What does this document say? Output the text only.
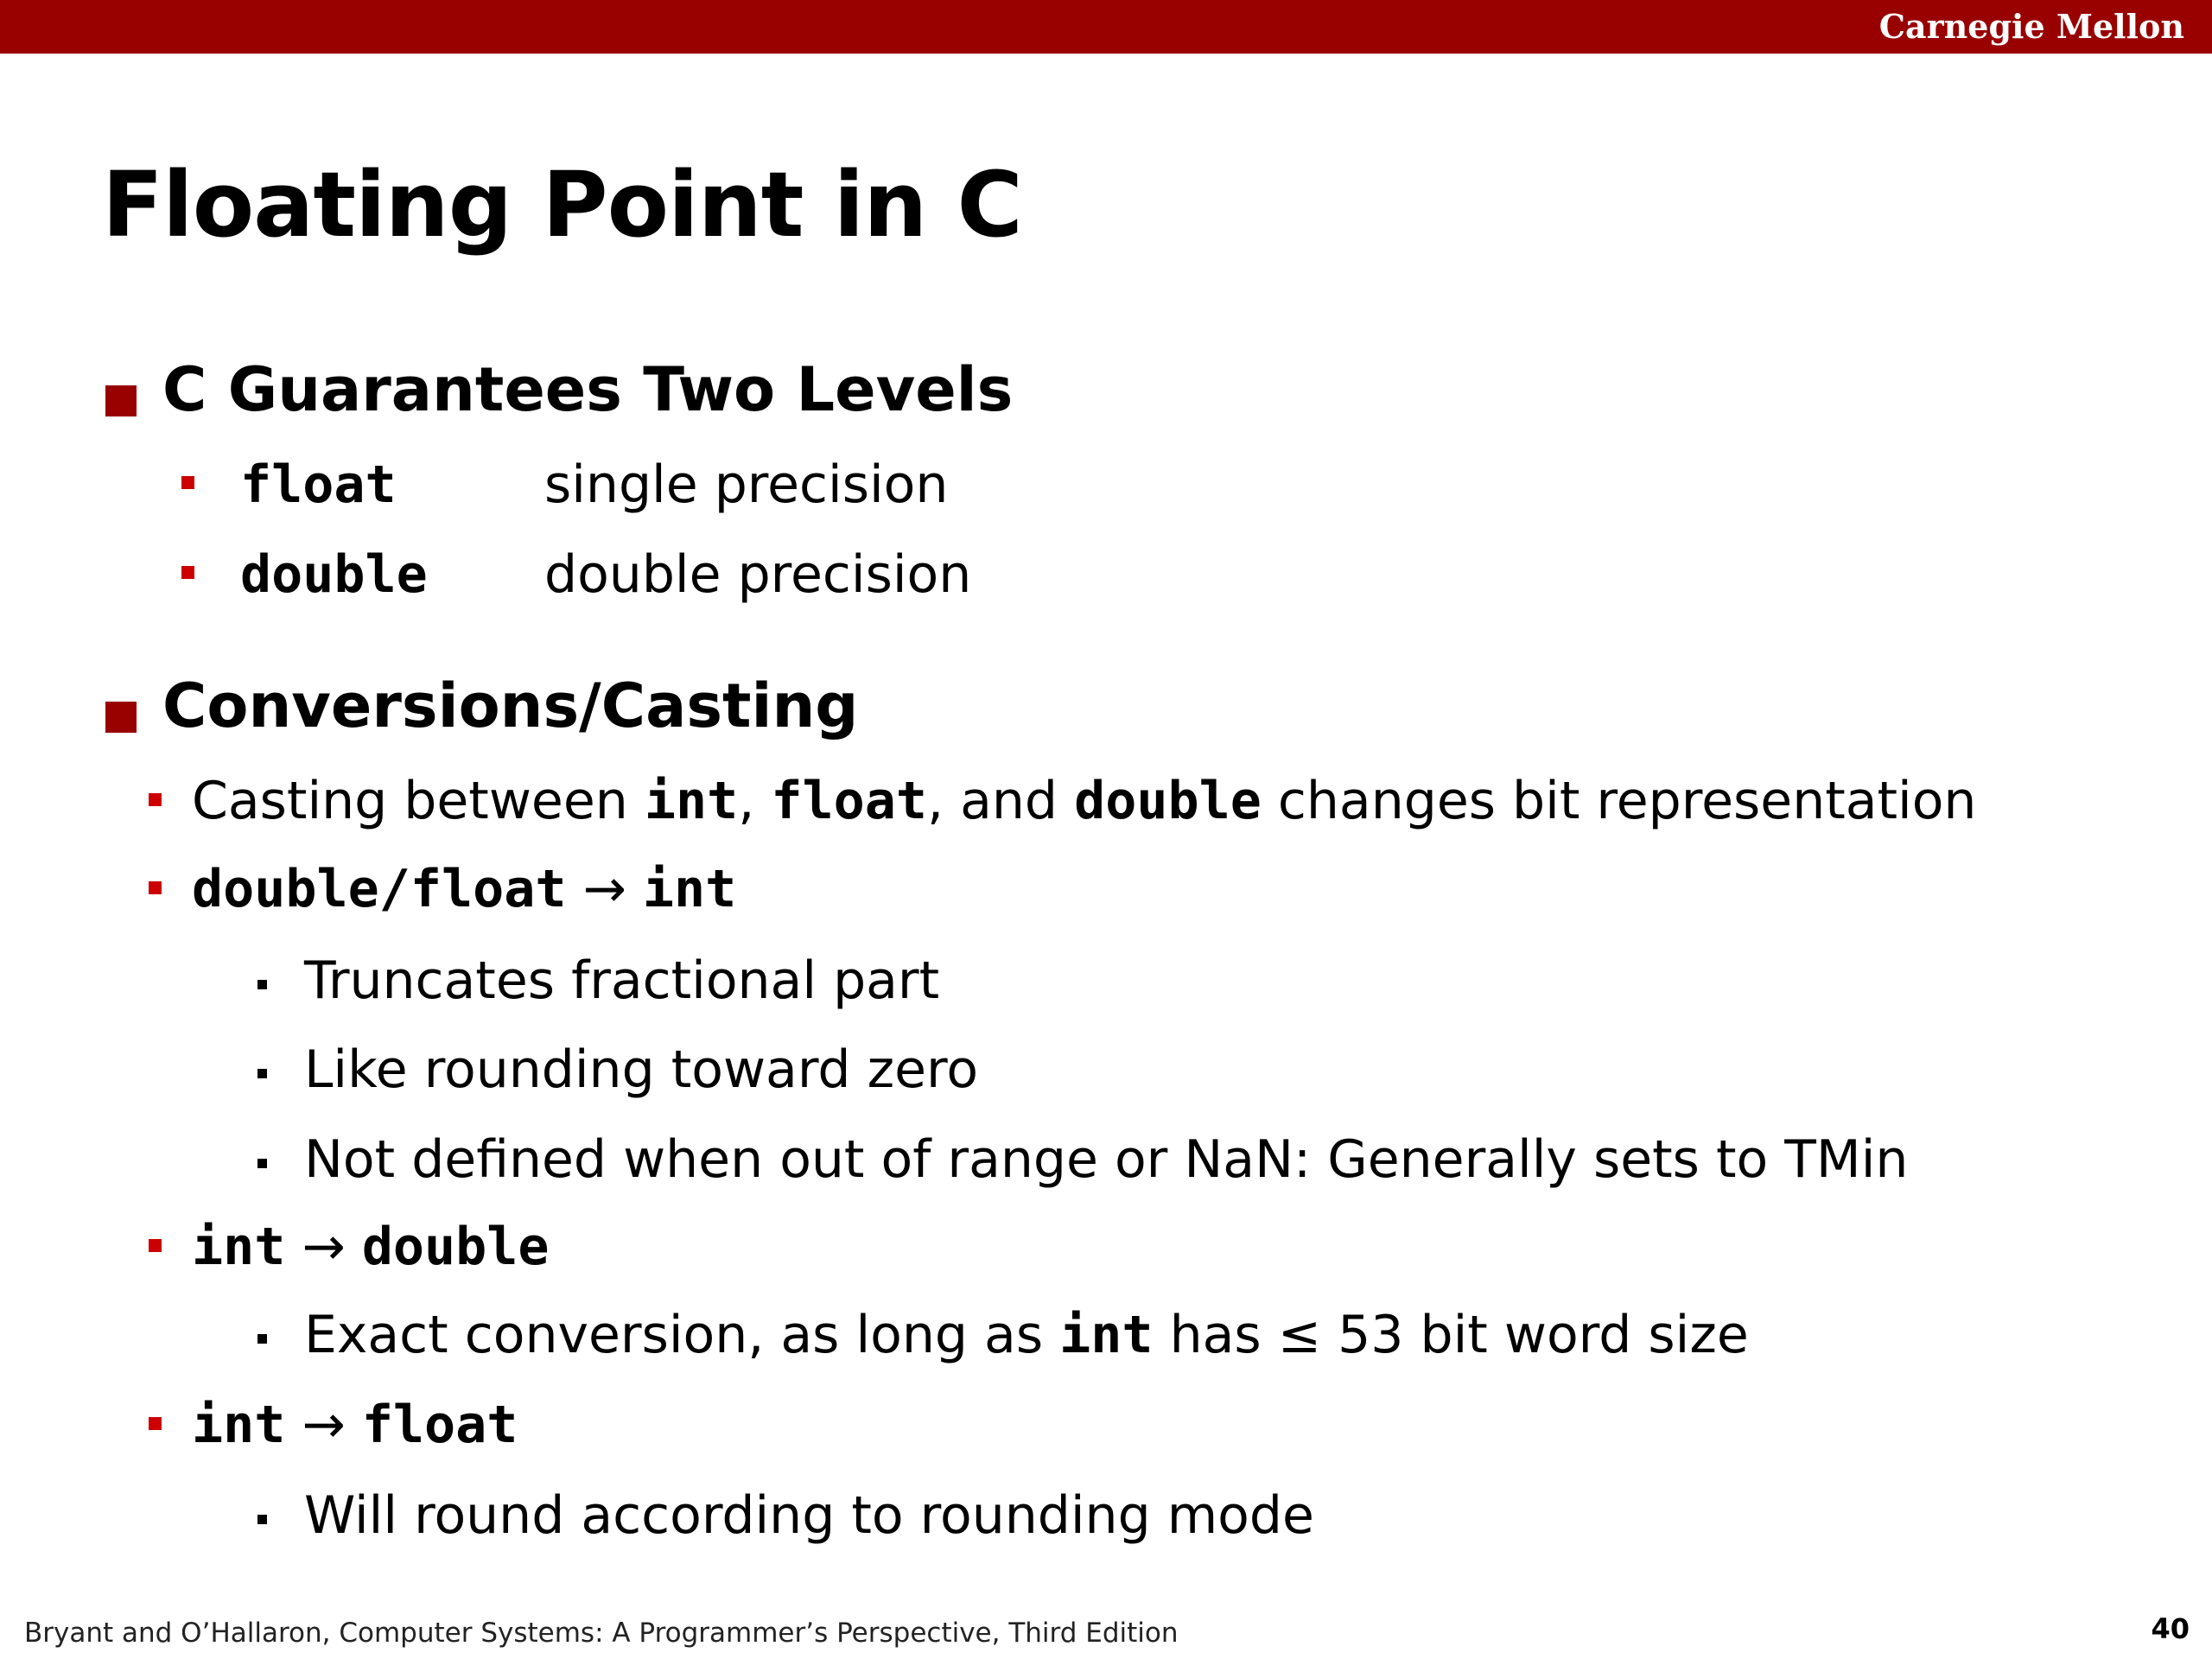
Carnegie Mellon
Floating Point in C
C Guarantees Two Levels
float	single precision
double double precision
Conversions/Casting
Casting between int, float, and double changes bit representation
double/float → int
Truncates fractional part
Like rounding toward zero
Not defined when out of range or NaN: Generally sets to TMin
int → double
Exact conversion, as long as int has ≤ 53 bit word size
int → float
Will round according to rounding mode
Bryant and O’Hallaron, Computer Systems: A Programmer’s Perspective, Third Edition	40
